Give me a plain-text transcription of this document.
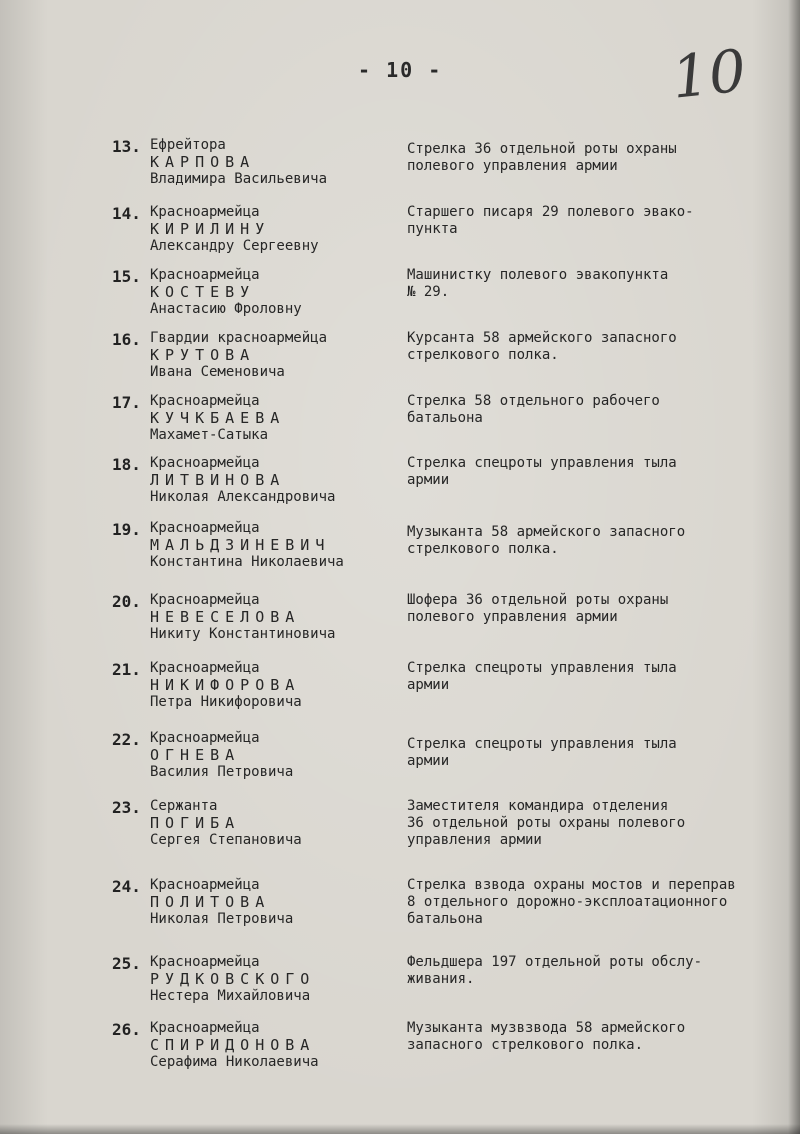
- 10 -	10
13. Ефрейтора
КАРПОВА
Владимира Васильевича
Стрелка 36 отдельной роты охраны
полевого управления армии
14. Красноармейца
КИРИЛИНУ
Александру Сергеевну
Старшего писаря 29 полевого эвако-
пункта
15. Красноармейца
КОСТЕВУ
Анастасию Фроловну
Машинистку полевого эвакопункта
№ 29.
16. Гвардии красноармейца
КРУТОВА
Ивана Семеновича
Курсанта 58 армейского запасного
стрелкового полка.
17. Красноармейца
КУЧКБАЕВА
Махамет-Сатыка
Стрелка 58 отдельного рабочего
батальона
18. Красноармейца
ЛИТВИНОВА
Николая Александровича
Стрелка спецроты управления тыла
армии
19. Красноармейца
МАЛЬДЗИНЕВИЧ
Константина Николаевича
Музыканта 58 армейского запасного
стрелкового полка.
20. Красноармейца
НЕВЕСЕЛОВА
Никиту Константиновича
Шофера 36 отдельной роты охраны
полевого управления армии
21. Красноармейца
НИКИФОРОВА
Петра Никифоровича
Стрелка спецроты управления тыла
армии
22. Красноармейца
ОГНЕВА
Василия Петровича
Стрелка спецроты управления тыла
армии
23. Сержанта
ПОГИБА
Сергея Степановича
Заместителя командира отделения
36 отдельной роты охраны полевого
управления армии
24. Красноармейца
ПОЛИТОВА
Николая Петровича
Стрелка взвода охраны мостов и переправ
8 отдельного дорожно-эксплоатационного
батальона
25. Красноармейца
РУДКОВСКОГО
Нестера Михайловича
Фельдшера 197 отдельной роты обслу-
живания.
26. Красноармейца
СПИРИДОНОВА
Серафима Николаевича
Музыканта музвзвода 58 армейского
запасного стрелкового полка.
